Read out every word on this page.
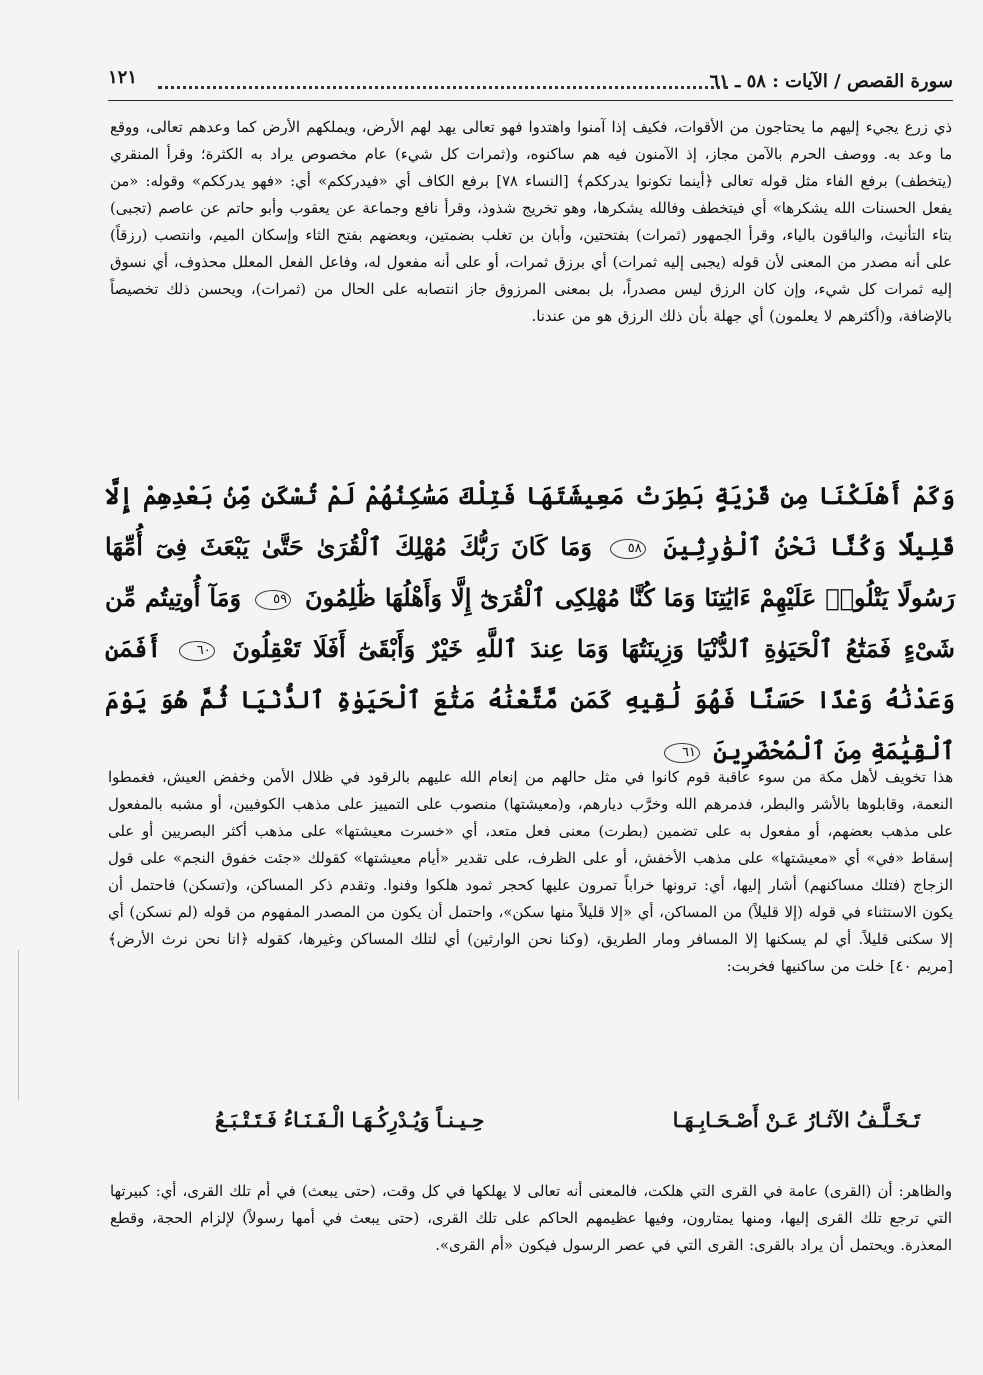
سورة القصص / الآيات : ٥٨ ـ ٦١
١٢١
ذي زرع يجيء إليهم ما يحتاجون من الأقوات، فكيف إذا آمنوا واهتدوا فهو تعالى يهد لهم الأرض، ويملكهم الأرض كما وعدهم تعالى، ووقع ما وعد به. ووصف الحرم بالآمن مجاز، إذ الآمنون فيه هم ساكنوه، و(ثمرات كل شيء) عام مخصوص يراد به الكثرة؛ وقرأ المنقري (يتخطف) برفع الفاء مثل قوله تعالى ﴿أينما تكونوا يدرككم﴾ [النساء ٧٨] برفع الكاف أي «فيدرككم» أي: «فهو يدرككم» وقوله: «من يفعل الحسنات الله يشكرها» أي فيتخطف وفالله يشكرها، وهو تخريج شذوذ، وقرأ نافع وجماعة عن يعقوب وأبو حاتم عن عاصم (تجبى) بتاء التأنيث، والباقون بالياء، وقرأ الجمهور (ثمرات) بفتحتين، وأبان بن تغلب بضمتين، وبعضهم بفتح الثاء وإسكان الميم، وانتصب (رزقاً) على أنه مصدر من المعنى لأن قوله (يجبى إليه ثمرات) أي برزق ثمرات، أو على أنه مفعول له، وفاعل الفعل المعلل محذوف، أي نسوق إليه ثمرات كل شيء، وإن كان الرزق ليس مصدراً، بل بمعنى المرزوق جاز انتصابه على الحال من (ثمرات)، ويحسن ذلك تخصيصاً بالإضافة، و(أكثرهم لا يعلمون) أي جهلة بأن ذلك الرزق هو من عندنا.
وَكَمْ أَهْلَكْنَا مِن قَرْيَةٍ بَطِرَتْ مَعِيشَتَهَا فَتِلْكَ مَسَٰكِنُهُمْ لَمْ تُسْكَن مِّنۢ بَعْدِهِمْ إِلَّا قَلِيلًا وَكُنَّا نَحْنُ ٱلْوَٰرِثِينَ ٥٨ وَمَا كَانَ رَبُّكَ مُهْلِكَ ٱلْقُرَىٰ حَتَّىٰ يَبْعَثَ فِىٓ أُمِّهَا رَسُولًا يَتْلُوا۟ عَلَيْهِمْ ءَايَٰتِنَا وَمَا كُنَّا مُهْلِكِى ٱلْقُرَىٰٓ إِلَّا وَأَهْلُهَا ظَٰلِمُونَ ٥٩ وَمَآ أُوتِيتُم مِّن شَىْءٍ فَمَتَٰعُ ٱلْحَيَوٰةِ ٱلدُّنْيَا وَزِينَتُهَا وَمَا عِندَ ٱللَّهِ خَيْرٌ وَأَبْقَىٰٓ أَفَلَا تَعْقِلُونَ ٦٠ أَفَمَن وَعَدْنَٰهُ وَعْدًا حَسَنًا فَهُوَ لَٰقِيهِ كَمَن مَّتَّعْنَٰهُ مَتَٰعَ ٱلْحَيَوٰةِ ٱلدُّنْيَا ثُمَّ هُوَ يَوْمَ ٱلْقِيَٰمَةِ مِنَ ٱلْمُحْضَرِينَ ٦١
هذا تخويف لأهل مكة من سوء عاقبة قوم كانوا في مثل حالهم من إنعام الله عليهم بالرقود في ظلال الأمن وخفض العيش، فغمطوا النعمة، وقابلوها بالأشر والبطر، فدمرهم الله وخرَّب ديارهم، و(معيشتها) منصوب على التمييز على مذهب الكوفيين، أو مشبه بالمفعول على مذهب بعضهم، أو مفعول به على تضمين (بطرت) معنى فعل متعد، أي «خسرت معيشتها» على مذهب أكثر البصريين أو على إسقاط «في» أي «معيشتها» على مذهب الأخفش، أو على الظرف، على تقدير «أيام معيشتها» كقولك «جئت خفوق النجم» على قول الزجاج (فتلك مساكنهم) أشار إليها، أي: ترونها خراباً تمرون عليها كحجر ثمود هلكوا وفنوا. وتقدم ذكر المساكن، و(تسكن) فاحتمل أن يكون الاستثناء في قوله (إلا قليلاً) من المساكن، أي «إلا قليلاً منها سكن»، واحتمل أن يكون من المصدر المفهوم من قوله (لم نسكن) أي إلا سكنى قليلاً. أي لم يسكنها إلا المسافر ومار الطريق، (وكنا نحن الوارثين) أي لتلك المساكن وغيرها، كقوله ﴿انا نحن نرث الأرض﴾ [مريم ٤٠] خلت من ساكنيها فخربت:
تَـخَـلَّـفُ الآثـارُ عَـنْ أَصْـحَـابِـهَـا
حِـيـنـاً وَيُـدْرِكُـهَـا الْـفَـنَـاءُ فَـتَـتْـبَـعُ
والظاهر: أن (القرى) عامة في القرى التي هلكت، فالمعنى أنه تعالى لا يهلكها في كل وقت، (حتى يبعث) في أم تلك القرى، أي: كبيرتها التي ترجع تلك القرى إليها، ومنها يمتارون، وفيها عظيمهم الحاكم على تلك القرى، (حتى يبعث في أمها رسولاً) لإلزام الحجة، وقطع المعذرة. ويحتمل أن يراد بالقرى: القرى التي في عصر الرسول فيكون «أم القرى».
